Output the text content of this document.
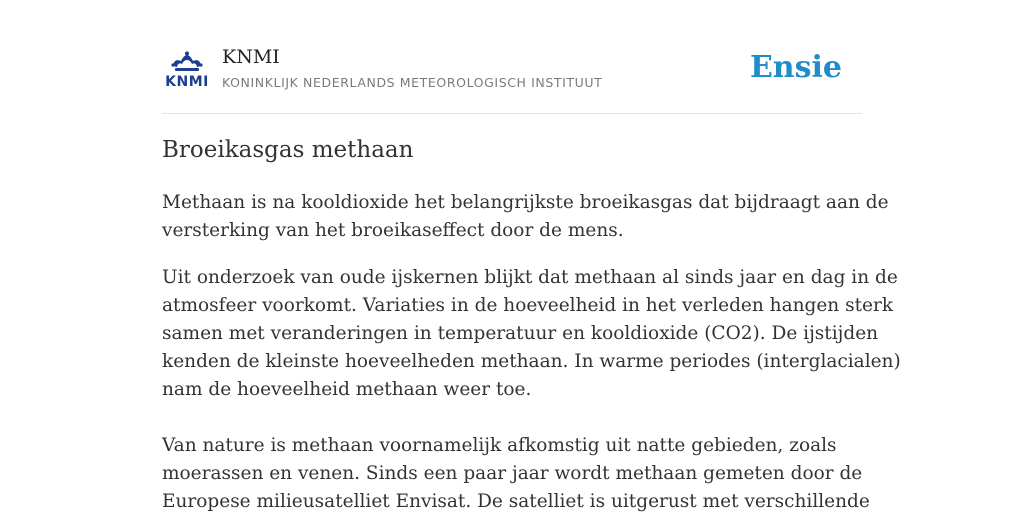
KNMI
KNMI
KONINKLIJK NEDERLANDS METEOROLOGISCH INSTITUUT	Ensie
Broeikasgas methaan

Methaan is na kooldioxide het belangrijkste broeikasgas dat bijdraagt aan de
versterking van het broeikaseffect door de mens.

Uit onderzoek van oude ijskernen blijkt dat methaan al sinds jaar en dag in de
atmosfeer voorkomt. Variaties in de hoeveelheid in het verleden hangen sterk
samen met veranderingen in temperatuur en kooldioxide (CO2). De ijstijden
kenden de kleinste hoeveelheden methaan. In warme periodes (interglacialen)
nam de hoeveelheid methaan weer toe.

Van nature is methaan voornamelijk afkomstig uit natte gebieden, zoals
moerassen en venen. Sinds een paar jaar wordt methaan gemeten door de
Europese milieusatelliet Envisat. De satelliet is uitgerust met verschillende
